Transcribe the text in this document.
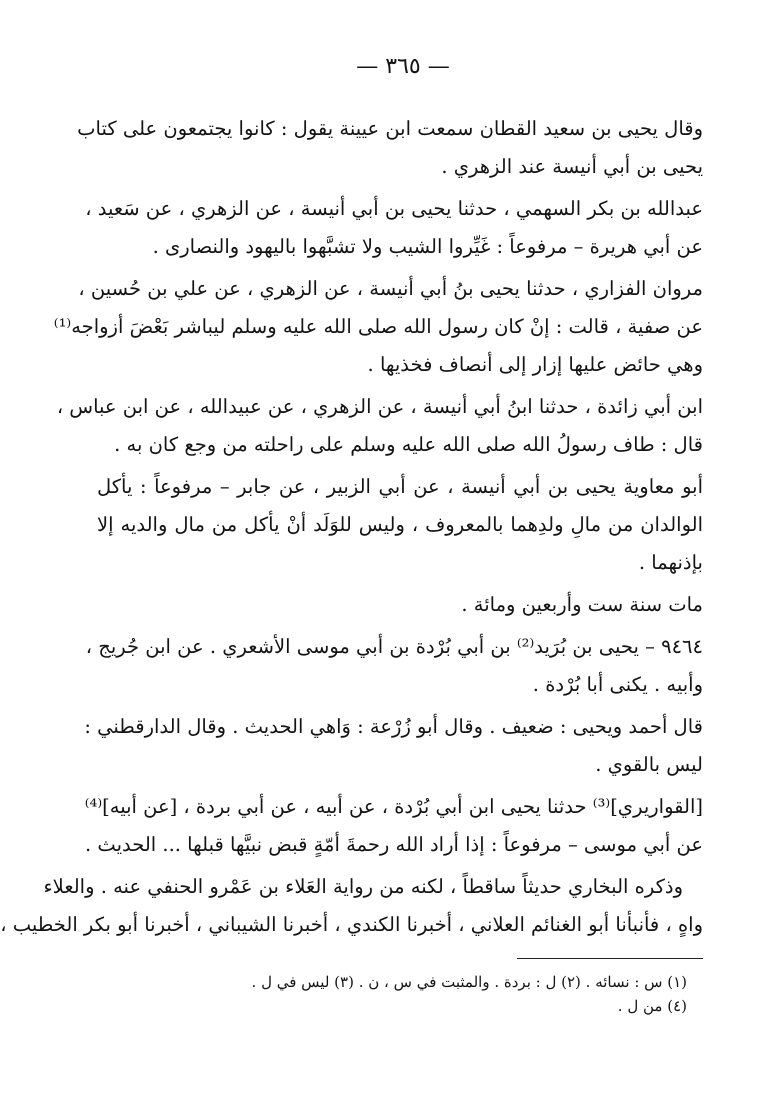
— ٣٦٥ —
وقال يحيى بن سعيد القطان سمعت ابن عيينة يقول : كانوا يجتمعون على كتاب
يحيى بن أبي أنيسة عند الزهري .
عبدالله بن بكر السهمي ، حدثنا يحيى بن أبي أنيسة ، عن الزهري ، عن سَعيد ،
عن أبي هريرة – مرفوعاً : غَيِّروا الشيب ولا تشبَّهوا باليهود والنصارى .
مروان الفزاري ، حدثنا يحيى بنُ أبي أنيسة ، عن الزهري ، عن علي بن حُسين ،
عن صفية ، قالت : إنْ كان رسول الله صلى الله عليه وسلم ليباشر بَعْضَ أزواجه⁽¹⁾
وهي حائض عليها إزار إلى أنصاف فخذيها .
ابن أبي زائدة ، حدثنا ابنُ أبي أنيسة ، عن الزهري ، عن عبيدالله ، عن ابن عباس ،
قال : طاف رسولُ الله صلى الله عليه وسلم على راحلته من وجع كان به .
أبو معاوية يحيى بن أبي أنيسة ، عن أبي الزبير ، عن جابر – مرفوعاً : يأكل
الوالدان من مالِ ولدِهما بالمعروف ، وليس للوَلَد أنْ يأكل من مال والديه إلا
بإذنهما .
مات سنة ست وأربعين ومائة .
٩٤٦٤ – يحيى بن بُرَيد⁽²⁾ بن أبي بُرْدة بن أبي موسى الأشعري . عن ابن جُريج ،
وأبيه . يكنى أبا بُرْدة .
قال أحمد ويحيى : ضعيف . وقال أبو زُرْعة : وَاهي الحديث . وقال الدارقطني :
ليس بالقوي .
[القواريري]⁽³⁾ حدثنا يحيى ابن أبي بُرْدة ، عن أبيه ، عن أبي بردة ، [عن أبيه]⁽⁴⁾
عن أبي موسى – مرفوعاً : إذا أراد الله رحمةَ أمّةٍ قبض نبيَّها قبلها ... الحديث .
وذكره البخاري حديثاً ساقطاً ، لكنه من رواية العَلاء بن عَمْرو الحنفي عنه . والعلاء
واهٍ ، فأنبأنا أبو الغنائم العلاني ، أخبرنا الكندي ، أخبرنا الشيباني ، أخبرنا أبو بكر الخطيب ،
(١) س : نسائه . (٢) ل : بردة . والمثبت في س ، ن . (٣) ليس في ل .
(٤) من ل .
